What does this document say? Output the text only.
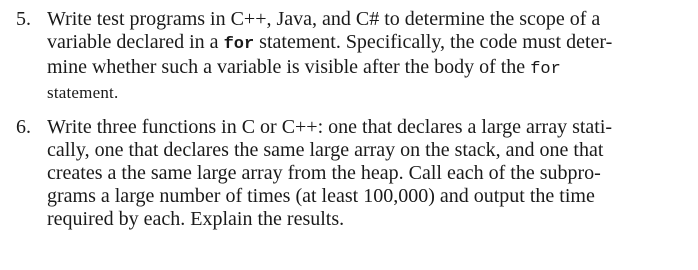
5. Write test programs in C++, Java, and C# to determine the scope of a
variable declared in a for statement. Specifically, the code must deter-
mine whether such a variable is visible after the body of the for
statement.
6. Write three functions in C or C++: one that declares a large array stati-
cally, one that declares the same large array on the stack, and one that
creates a the same large array from the heap. Call each of the subpro-
grams a large number of times (at least 100,000) and output the time
required by each. Explain the results.
